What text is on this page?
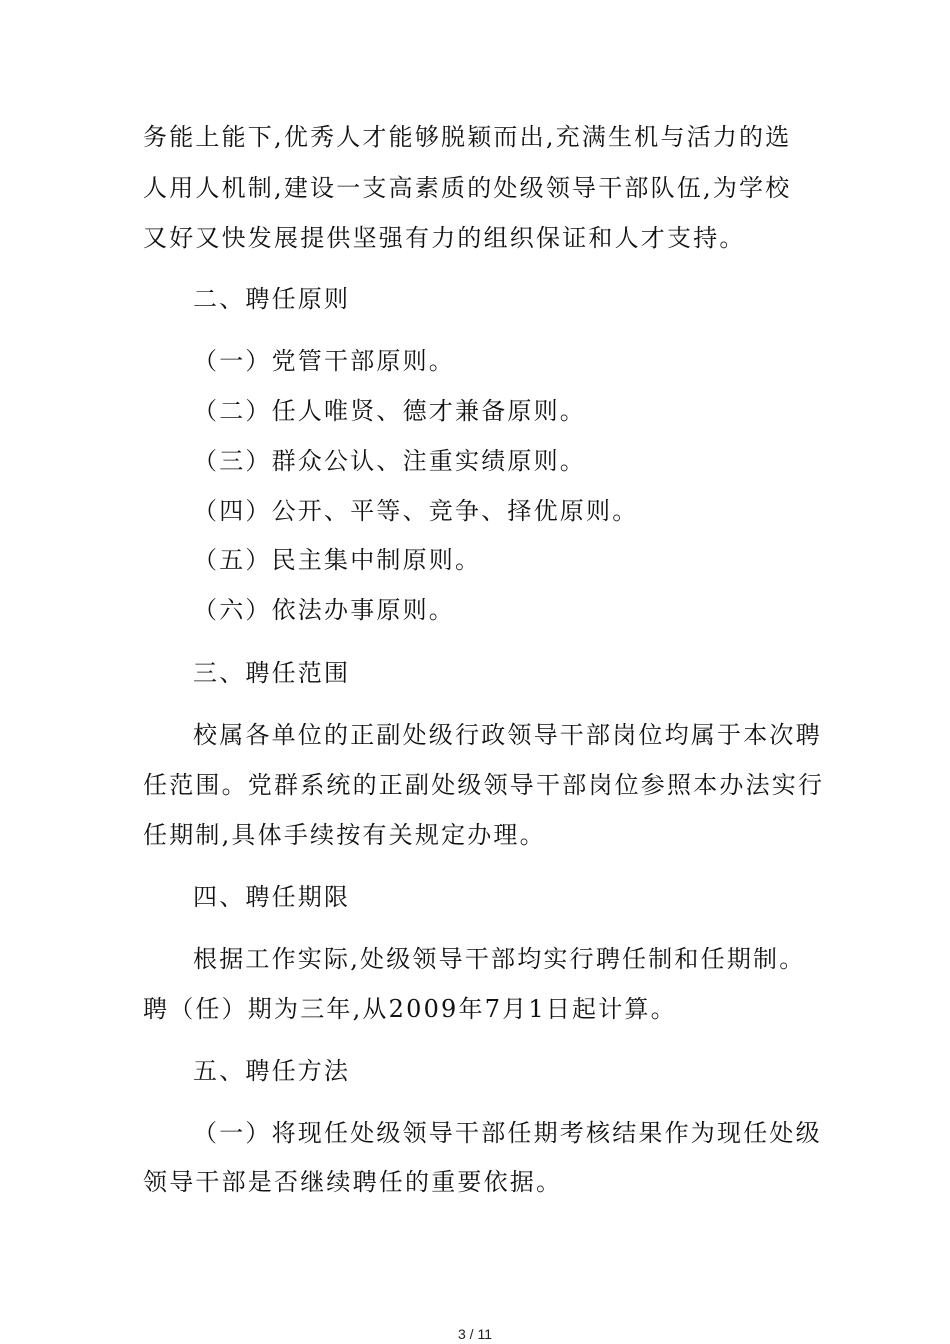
务能上能下,优秀人才能够脱颖而出,充满生机与活力的选
人用人机制,建设一支高素质的处级领导干部队伍,为学校
又好又快发展提供坚强有力的组织保证和人才支持。
二、聘任原则
（一）党管干部原则。
（二）任人唯贤、德才兼备原则。
（三）群众公认、注重实绩原则。
（四）公开、平等、竞争、择优原则。
（五）民主集中制原则。
（六）依法办事原则。
三、聘任范围
校属各单位的正副处级行政领导干部岗位均属于本次聘
任范围。党群系统的正副处级领导干部岗位参照本办法实行
任期制,具体手续按有关规定办理。
四、聘任期限
根据工作实际,处级领导干部均实行聘任制和任期制。
聘（任）期为三年,从2009年7月1日起计算。
五、聘任方法
（一）将现任处级领导干部任期考核结果作为现任处级
领导干部是否继续聘任的重要依据。
3 / 11
